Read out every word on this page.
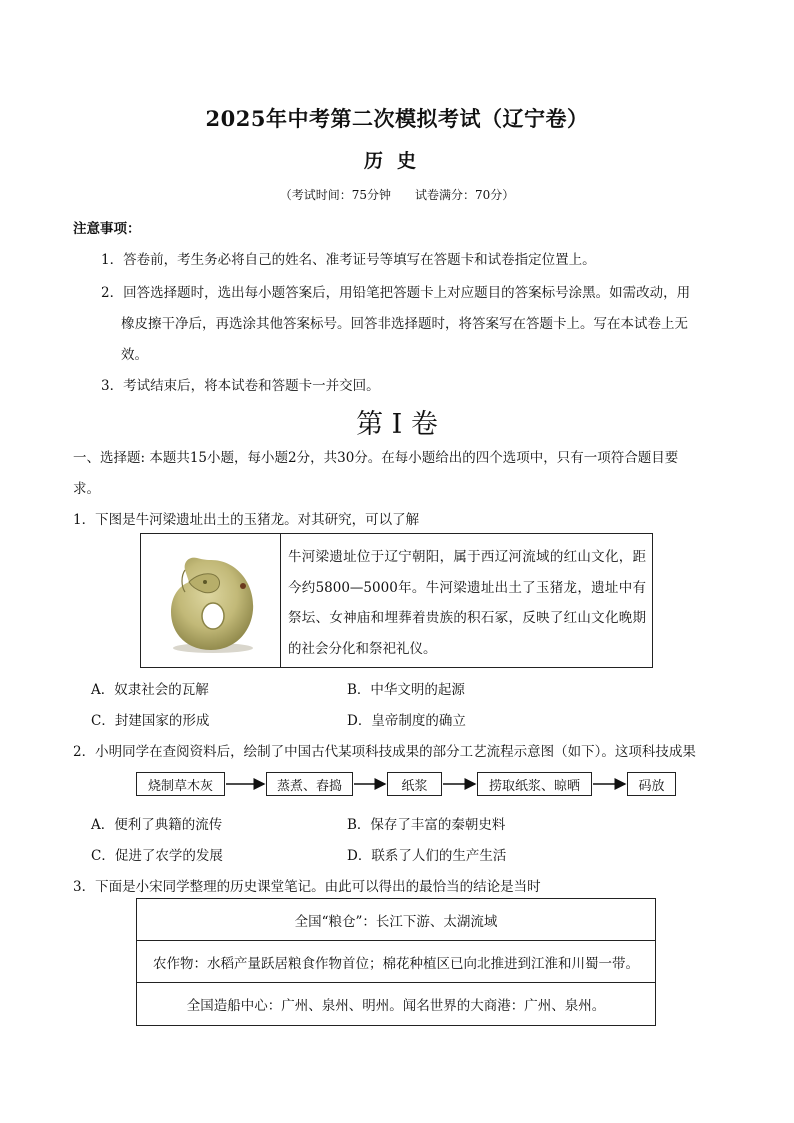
2025年中考第二次模拟考试（辽宁卷）
历史
（考试时间：75分钟　　试卷满分：70分）
注意事项：
1．答卷前，考生务必将自己的姓名、准考证号等填写在答题卡和试卷指定位置上。
2．回答选择题时，选出每小题答案后，用铅笔把答题卡上对应题目的答案标号涂黑。如需改动，用
橡皮擦干净后，再选涂其他答案标号。回答非选择题时，将答案写在答题卡上。写在本试卷上无
效。
3．考试结束后，将本试卷和答题卡一并交回。
第 I 卷
一、选择题: 本题共15小题，每小题2分，共30分。在每小题给出的四个选项中，只有一项符合题目要
求。
1．下图是牛河梁遗址出土的玉猪龙。对其研究，可以了解
牛河梁遗址位于辽宁朝阳，属于西辽河流域的红山文化，距今约5800—5000年。牛河梁遗址出土了玉猪龙，遗址中有祭坛、女神庙和埋葬着贵族的积石冢，反映了红山文化晚期的社会分化和祭祀礼仪。
A．奴隶社会的瓦解	B．中华文明的起源
C．封建国家的形成	D．皇帝制度的确立
2．小明同学在查阅资料后，绘制了中国古代某项科技成果的部分工艺流程示意图（如下）。这项科技成果
烧制草木灰	蒸煮、舂捣	纸浆	捞取纸浆、晾晒	码放
A．便利了典籍的流传	B．保存了丰富的秦朝史料
C．促进了农学的发展	D．联系了人们的生产生活
3．下面是小宋同学整理的历史课堂笔记。由此可以得出的最恰当的结论是当时
全国“粮仓”：长江下游、太湖流域
农作物：水稻产量跃居粮食作物首位；棉花种植区已向北推进到江淮和川蜀一带。
全国造船中心：广州、泉州、明州。闻名世界的大商港：广州、泉州。
